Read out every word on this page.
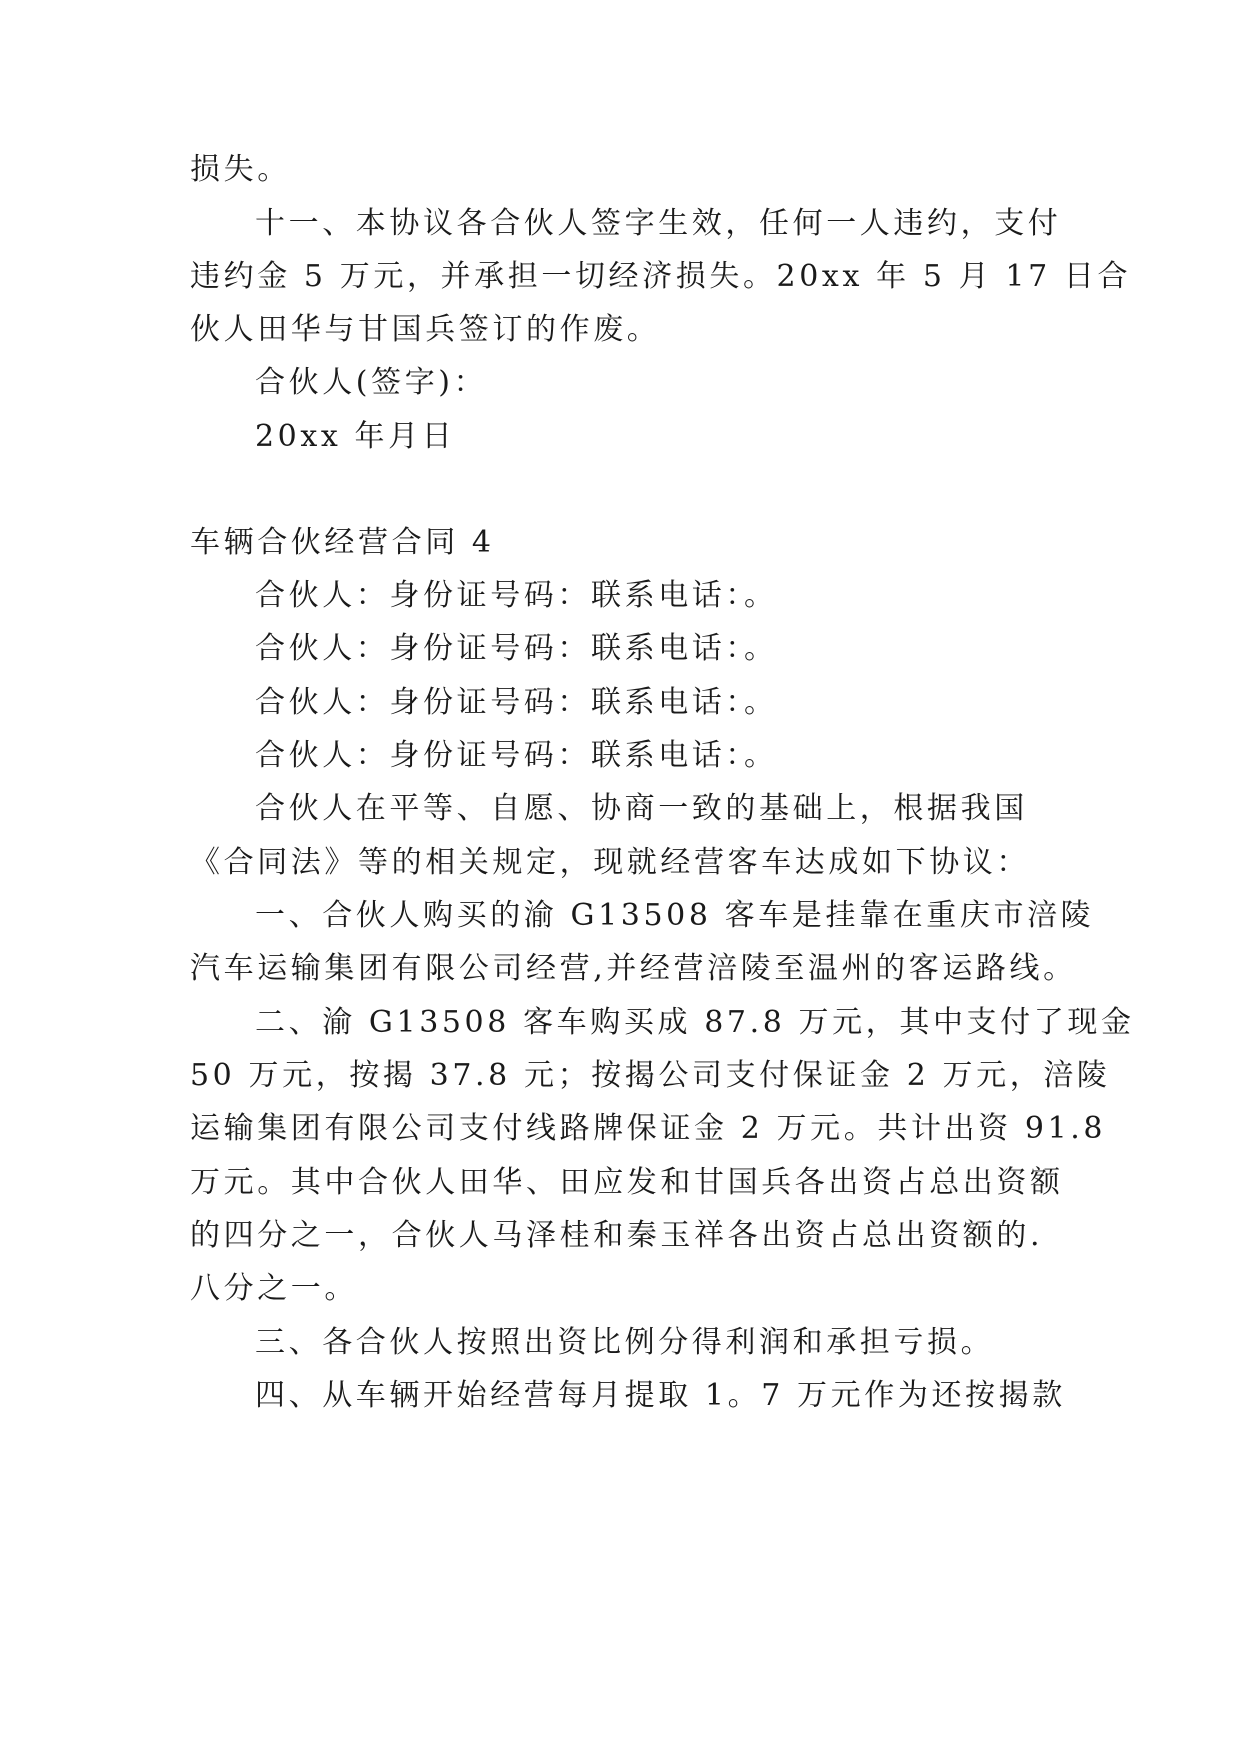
损失。
十一、本协议各合伙人签字生效，任何一人违约，支付
违约金 5 万元，并承担一切经济损失。20xx 年 5 月 17 日合
伙人田华与甘国兵签订的作废。
合伙人(签字)：
20xx 年月日
车辆合伙经营合同 4
合伙人：身份证号码：联系电话：。
合伙人：身份证号码：联系电话：。
合伙人：身份证号码：联系电话：。
合伙人：身份证号码：联系电话：。
合伙人在平等、自愿、协商一致的基础上，根据我国
《合同法》等的相关规定，现就经营客车达成如下协议：
一、合伙人购买的渝 G13508 客车是挂靠在重庆市涪陵
汽车运输集团有限公司经营,并经营涪陵至温州的客运路线。
二、渝 G13508 客车购买成 87.8 万元，其中支付了现金
50 万元，按揭 37.8 元；按揭公司支付保证金 2 万元，涪陵
运输集团有限公司支付线路牌保证金 2 万元。共计出资 91.8
万元。其中合伙人田华、田应发和甘国兵各出资占总出资额
的四分之一，合伙人马泽桂和秦玉祥各出资占总出资额的.
八分之一。
三、各合伙人按照出资比例分得利润和承担亏损。
四、从车辆开始经营每月提取 1。7 万元作为还按揭款
